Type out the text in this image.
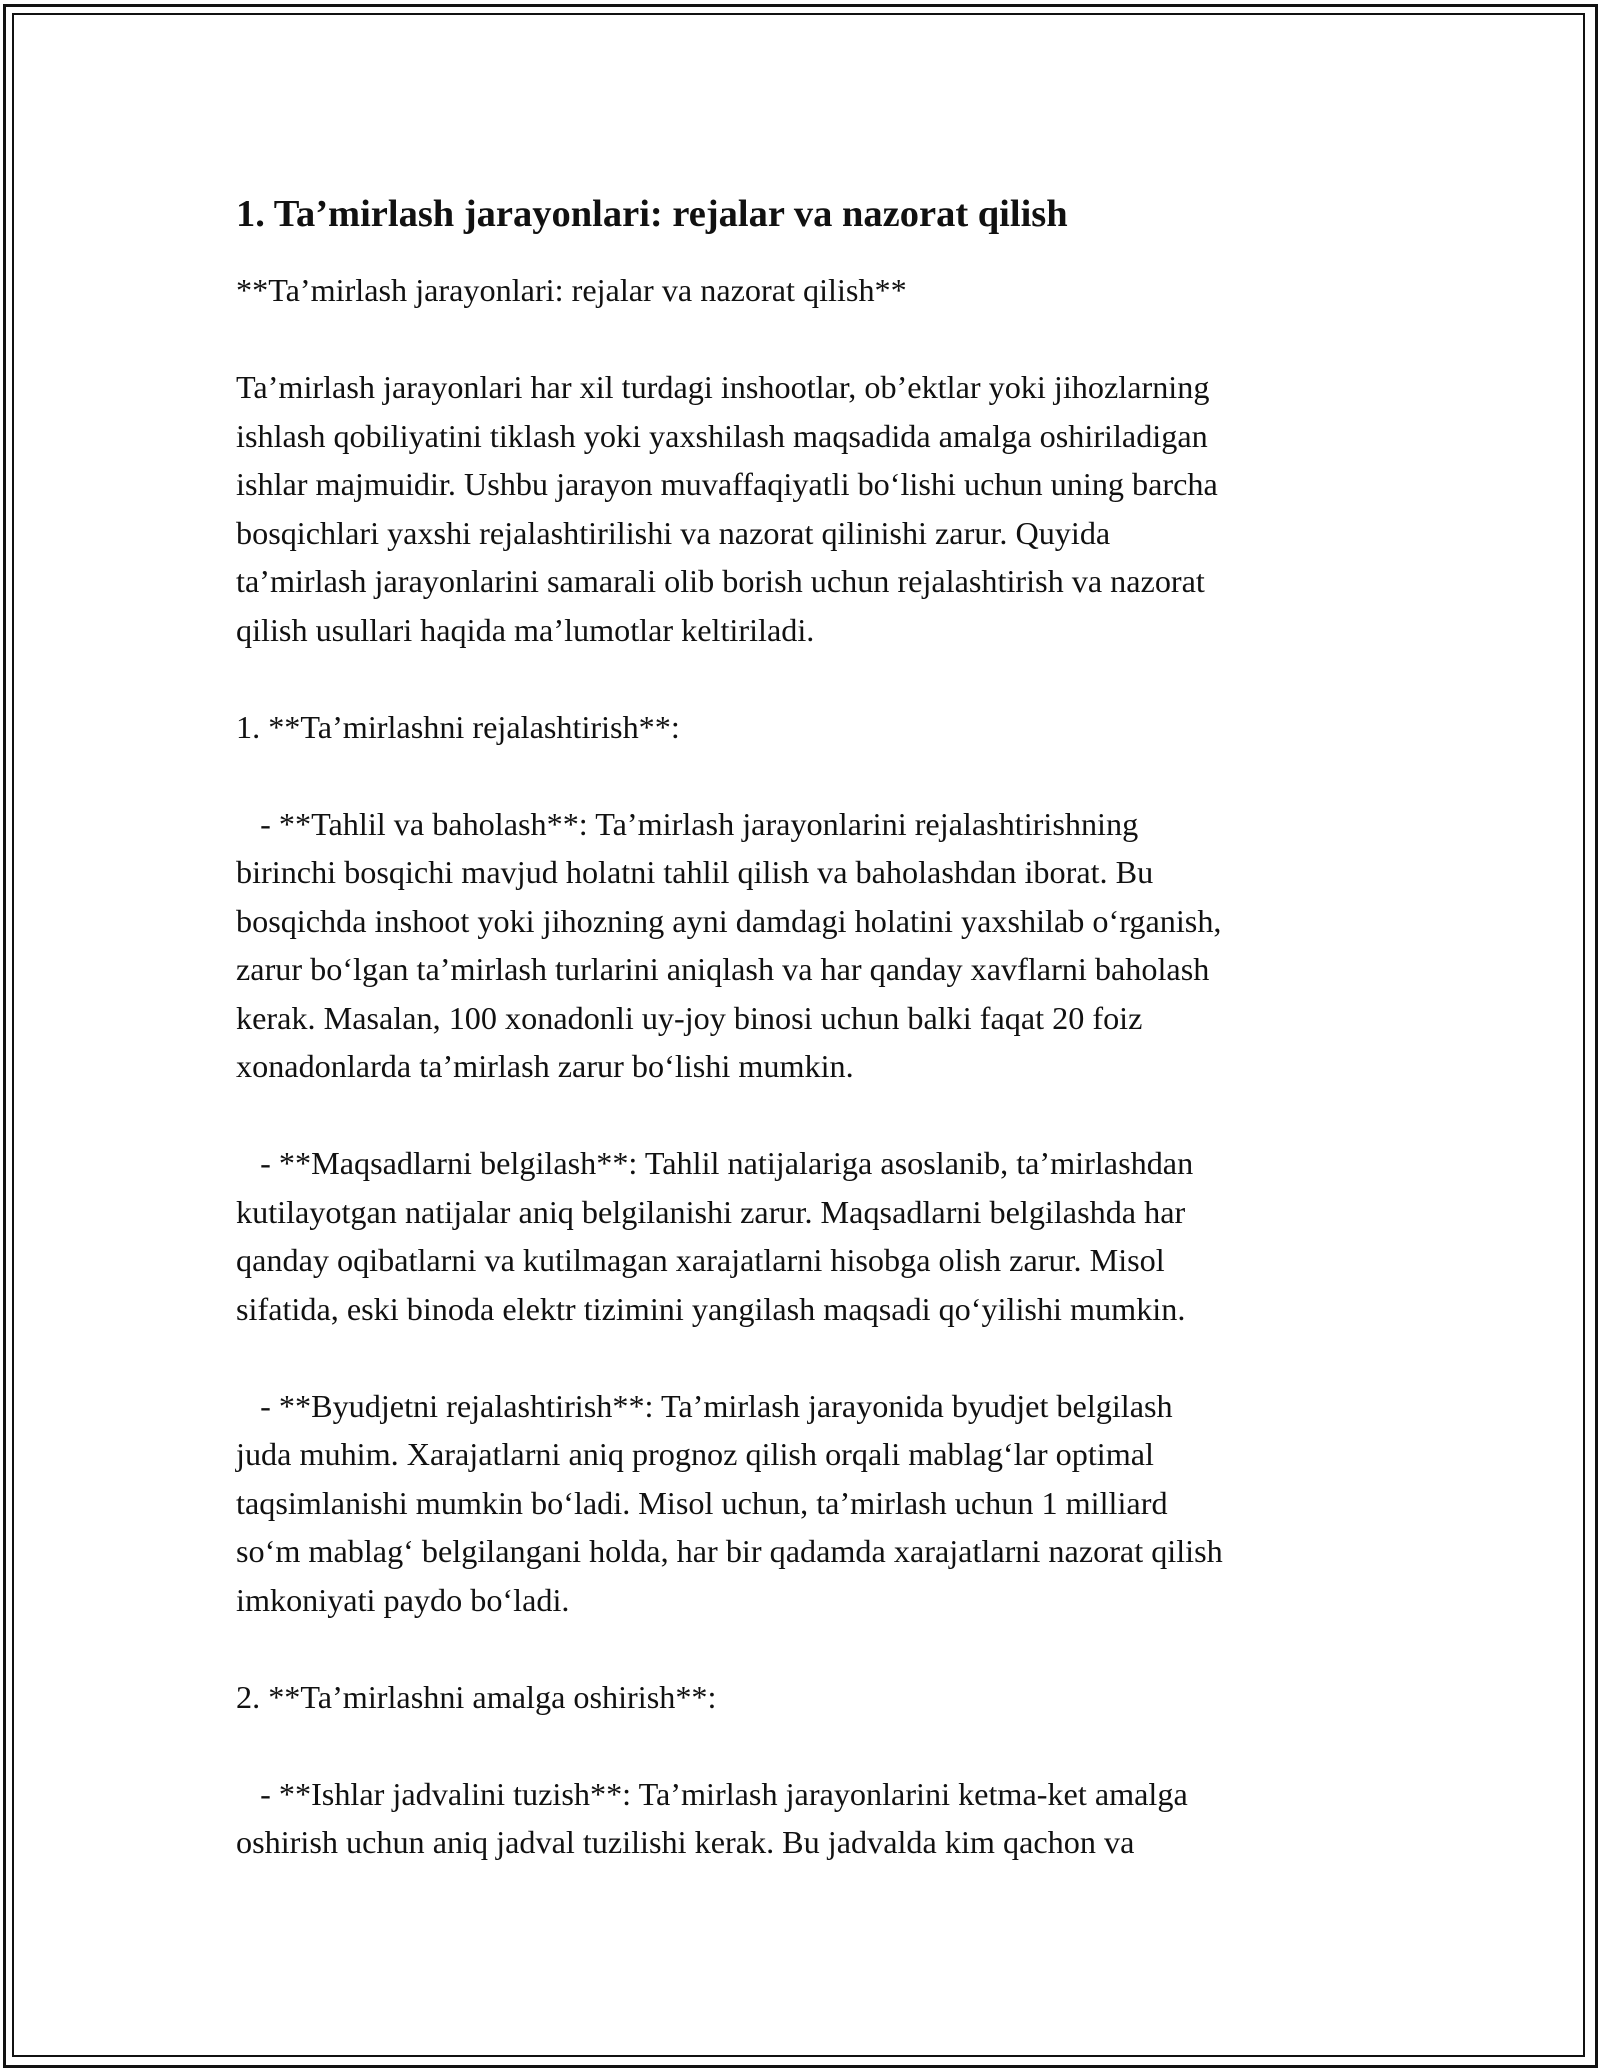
1. Ta’mirlash jarayonlari: rejalar va nazorat qilish

**Ta’mirlash jarayonlari: rejalar va nazorat qilish**

Ta’mirlash jarayonlari har xil turdagi inshootlar, ob’ektlar yoki jihozlarning
ishlash qobiliyatini tiklash yoki yaxshilash maqsadida amalga oshiriladigan
ishlar majmuidir. Ushbu jarayon muvaffaqiyatli bo‘lishi uchun uning barcha
bosqichlari yaxshi rejalashtirilishi va nazorat qilinishi zarur. Quyida
ta’mirlash jarayonlarini samarali olib borish uchun rejalashtirish va nazorat
qilish usullari haqida ma’lumotlar keltiriladi.

1. **Ta’mirlashni rejalashtirish**:

- **Tahlil va baholash**: Ta’mirlash jarayonlarini rejalashtirishning
birinchi bosqichi mavjud holatni tahlil qilish va baholashdan iborat. Bu
bosqichda inshoot yoki jihozning ayni damdagi holatini yaxshilab o‘rganish,
zarur bo‘lgan ta’mirlash turlarini aniqlash va har qanday xavflarni baholash
kerak. Masalan, 100 xonadonli uy-joy binosi uchun balki faqat 20 foiz
xonadonlarda ta’mirlash zarur bo‘lishi mumkin.

- **Maqsadlarni belgilash**: Tahlil natijalariga asoslanib, ta’mirlashdan
kutilayotgan natijalar aniq belgilanishi zarur. Maqsadlarni belgilashda har
qanday oqibatlarni va kutilmagan xarajatlarni hisobga olish zarur. Misol
sifatida, eski binoda elektr tizimini yangilash maqsadi qo‘yilishi mumkin.

- **Byudjetni rejalashtirish**: Ta’mirlash jarayonida byudjet belgilash
juda muhim. Xarajatlarni aniq prognoz qilish orqali mablag‘lar optimal
taqsimlanishi mumkin bo‘ladi. Misol uchun, ta’mirlash uchun 1 milliard
so‘m mablag‘ belgilangani holda, har bir qadamda xarajatlarni nazorat qilish
imkoniyati paydo bo‘ladi.

2. **Ta’mirlashni amalga oshirish**:

- **Ishlar jadvalini tuzish**: Ta’mirlash jarayonlarini ketma-ket amalga
oshirish uchun aniq jadval tuzilishi kerak. Bu jadvalda kim qachon va
